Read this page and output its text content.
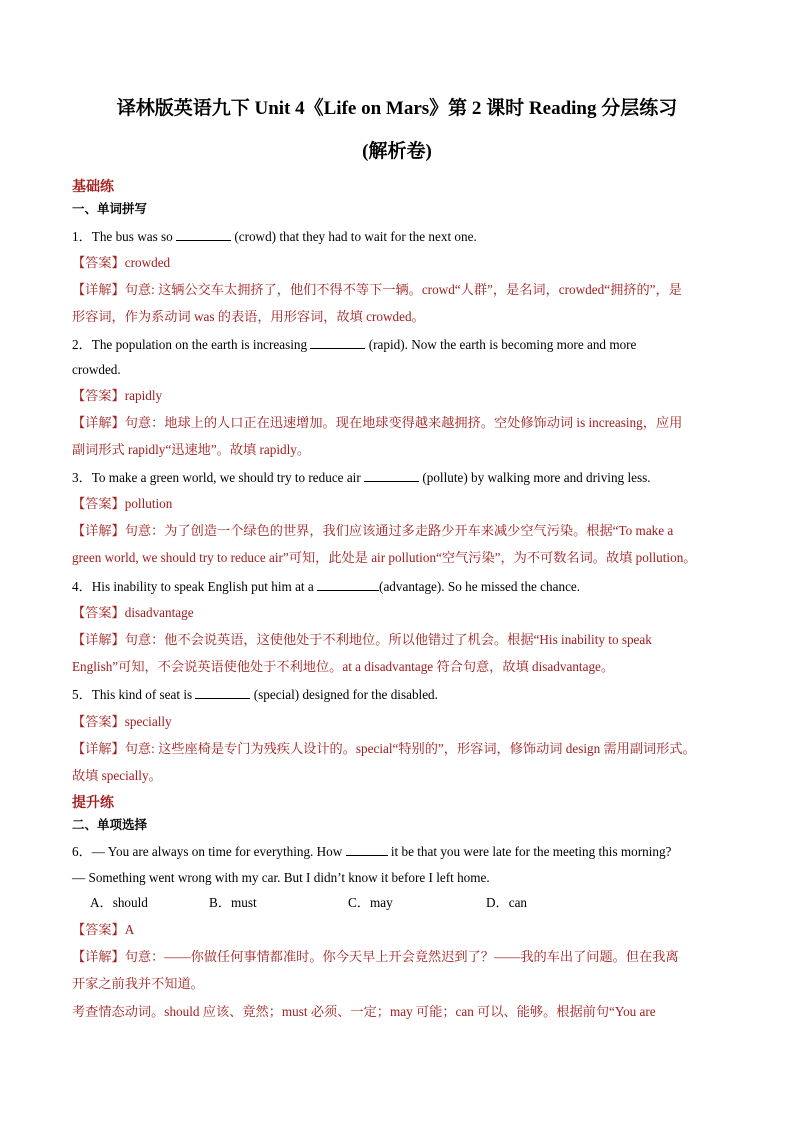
译林版英语九下 Unit 4《Life on Mars》第 2 课时 Reading 分层练习
(解析卷)
基础练
一、单词拼写
1．The bus was so	(crowd) that they had to wait for the next one.
【答案】crowded
【详解】句意: 这辆公交车太拥挤了，他们不得不等下一辆。crowd“人群”，是名词，crowded“拥挤的”，是
形容词，作为系动词 was 的表语，用形容词，故填 crowded。
2．The population on the earth is increasing	(rapid). Now the earth is becoming more and more
crowded.
【答案】rapidly
【详解】句意：地球上的人口正在迅速增加。现在地球变得越来越拥挤。空处修饰动词 is increasing，应用
副词形式 rapidly“迅速地”。故填 rapidly。
3．To make a green world, we should try to reduce air	(pollute) by walking more and driving less.
【答案】pollution
【详解】句意：为了创造一个绿色的世界，我们应该通过多走路少开车来减少空气污染。根据“To make a
green world, we should try to reduce air”可知，此处是 air pollution“空气污染”，为不可数名词。故填 pollution。
4．His inability to speak English put him at a	(advantage). So he missed the chance.
【答案】disadvantage
【详解】句意：他不会说英语，这使他处于不利地位。所以他错过了机会。根据“His inability to speak
English”可知，不会说英语使他处于不利地位。at a disadvantage 符合句意，故填 disadvantage。
5．This kind of seat is	(special) designed for the disabled.
【答案】specially
【详解】句意: 这些座椅是专门为残疾人设计的。special“特别的”，形容词，修饰动词 design 需用副词形式。
故填 specially。
提升练
二、单项选择
6．— You are always on time for everything. How	it be that you were late for the meeting this morning?
— Something went wrong with my car. But I didn’t know it before I left home.
A．should	B．must	C．may	D．can
【答案】A
【详解】句意：——你做任何事情都准时。你今天早上开会竟然迟到了？——我的车出了问题。但在我离
开家之前我并不知道。
考查情态动词。should 应该、竟然；must 必须、一定；may 可能；can 可以、能够。根据前句“You are
